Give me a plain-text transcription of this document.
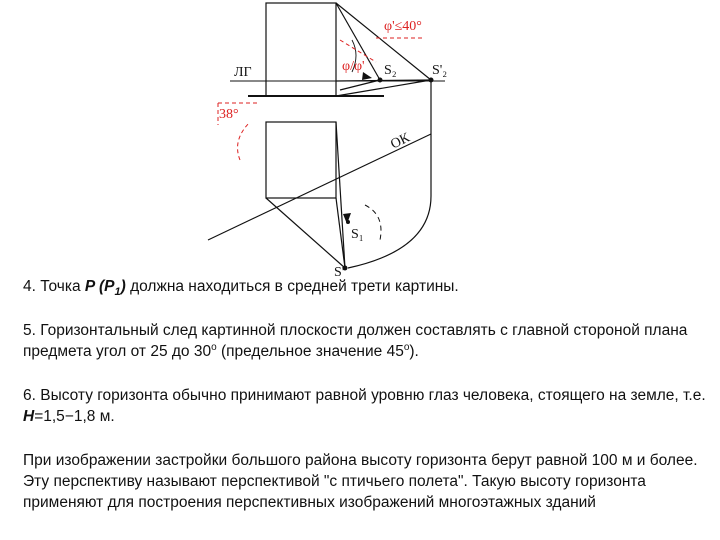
ЛГ	S₂	S'₂
S₁
S'
ОК
38°
φ'≤40°
φ/φ'

4. Точка P $(P_1)$ должна находиться в средней трети картины.

5. Горизонтальный след картинной плоскости должен составлять с главной стороной плана предмета угол от 25 до $30^о$ (предельное значение $45^о$).

6. Высоту горизонта обычно принимают равной уровню глаз человека, стоящего на земле, т.е. H=1,5−1,8 м.

При изображении застройки большого района высоту горизонта берут равной 100 м и более. Эту перспективу называют перспективой "с птичьего полета". Такую высоту горизонта применяют для построения перспективных изображений многоэтажных зданий
